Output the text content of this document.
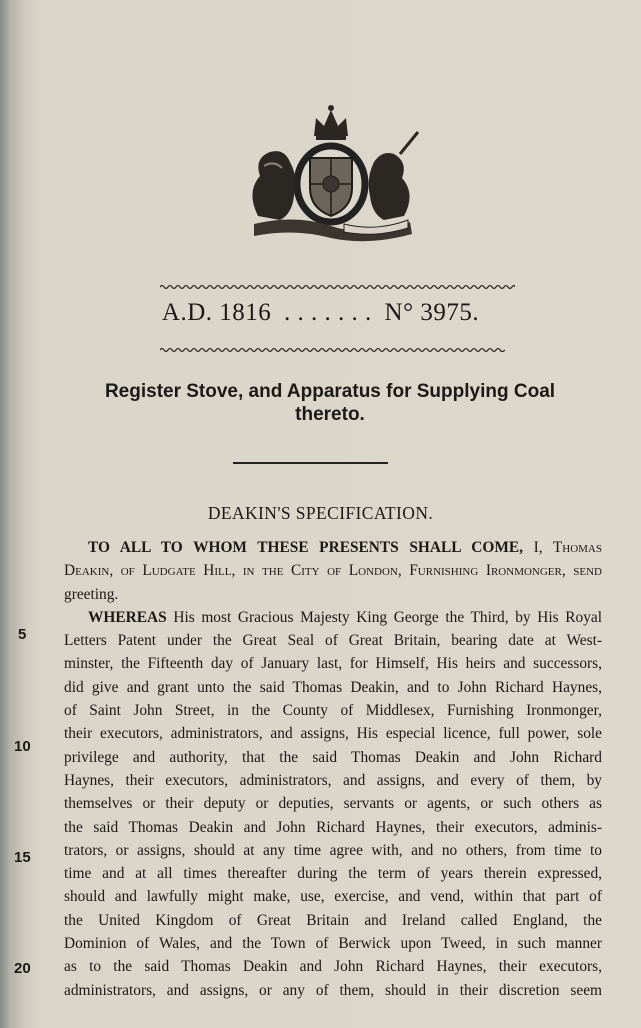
A.D. 1816 . . . . . . . N° 3975.
Register Stove, and Apparatus for Supplying Coal
thereto.
DEAKIN'S SPECIFICATION.
5
10
15
20
TO ALL TO WHOM THESE PRESENTS SHALL COME, I, Thomas
Deakin, of Ludgate Hill, in the City of London, Furnishing Ironmonger, send
greeting.
WHEREAS His most Gracious Majesty King George the Third, by His Royal
Letters Patent under the Great Seal of Great Britain, bearing date at West-
minster, the Fifteenth day of January last, for Himself, His heirs and successors,
did give and grant unto the said Thomas Deakin, and to John Richard Haynes,
of Saint John Street, in the County of Middlesex, Furnishing Ironmonger,
their executors, administrators, and assigns, His especial licence, full power, sole
privilege and authority, that the said Thomas Deakin and John Richard
Haynes, their executors, administrators, and assigns, and every of them, by
themselves or their deputy or deputies, servants or agents, or such others as
the said Thomas Deakin and John Richard Haynes, their executors, adminis-
trators, or assigns, should at any time agree with, and no others, from time to
time and at all times thereafter during the term of years therein expressed,
should and lawfully might make, use, exercise, and vend, within that part of
the United Kingdom of Great Britain and Ireland called England, the
Dominion of Wales, and the Town of Berwick upon Tweed, in such manner
as to the said Thomas Deakin and John Richard Haynes, their executors,
administrators, and assigns, or any of them, should in their discretion seem
